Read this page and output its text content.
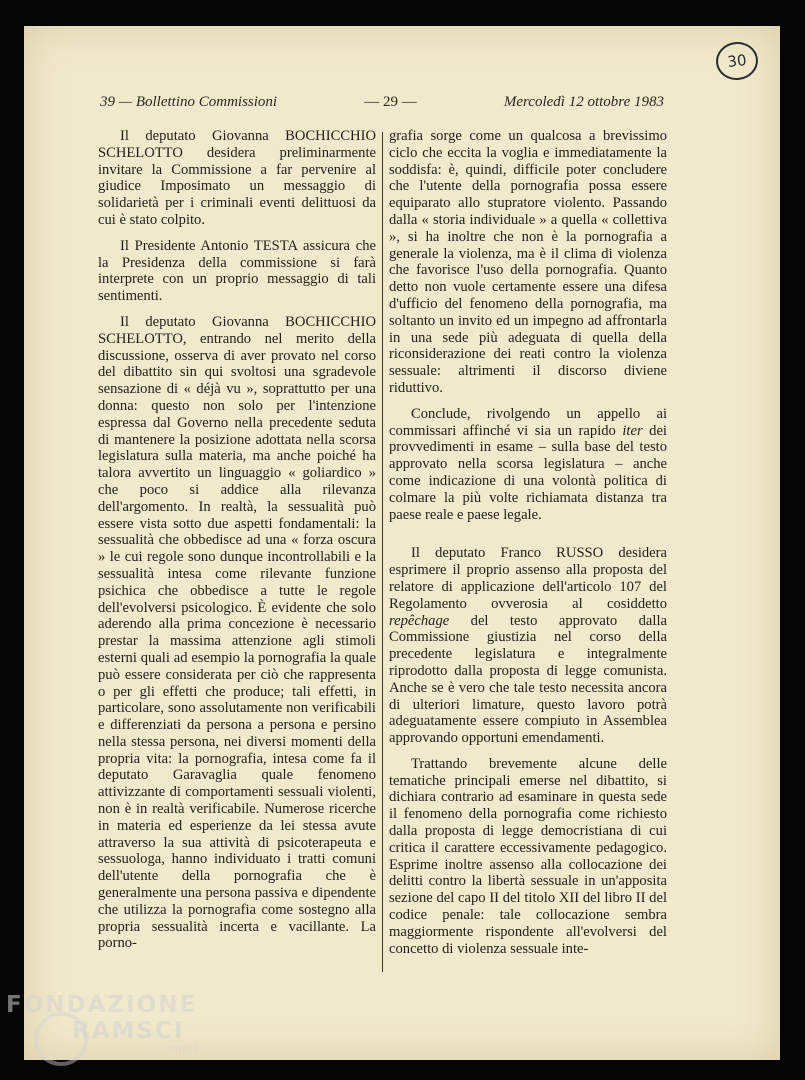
30
39 — Bollettino Commissioni	— 29 —	Mercoledì 12 ottobre 1983

Il deputato Giovanna BOCHICCHIO SCHELOTTO desidera preliminarmente invitare la Commissione a far pervenire al giudice Imposimato un messaggio di solidarietà per i criminali eventi delittuosi da cui è stato colpito.

Il Presidente Antonio TESTA assicura che la Presidenza della commissione si farà interprete con un proprio messaggio di tali sentimenti.

Il deputato Giovanna BOCHICCHIO SCHELOTTO, entrando nel merito della discussione, osserva di aver provato nel corso del dibattito sin qui svoltosi una sgradevole sensazione di « déjà vu », soprattutto per una donna: questo non solo per l'intenzione espressa dal Governo nella precedente seduta di mantenere la posizione adottata nella scorsa legislatura sulla materia, ma anche poiché ha talora avvertito un linguaggio « goliardico » che poco si addice alla rilevanza dell'argomento. In realtà, la sessualità può essere vista sotto due aspetti fondamentali: la sessualità che obbedisce ad una « forza oscura » le cui regole sono dunque incontrollabili e la sessualità intesa come rilevante funzione psichica che obbedisce a tutte le regole dell'evolversi psicologico. È evidente che solo aderendo alla prima concezione è necessario prestar la massima attenzione agli stimoli esterni quali ad esempio la pornografia la quale può essere considerata per ciò che rappresenta o per gli effetti che produce; tali effetti, in particolare, sono assolutamente non verificabili e differenziati da persona a persona e persino nella stessa persona, nei diversi momenti della propria vita: la pornografia, intesa come fa il deputato Garavaglia quale fenomeno attivizzante di comportamenti sessuali violenti, non è in realtà verificabile. Numerose ricerche in materia ed esperienze da lei stessa avute attraverso la sua attività di psicoterapeuta e sessuologa, hanno individuato i tratti comuni dell'utente della pornografia che è generalmente una persona passiva e dipendente che utilizza la pornografia come sostegno alla propria sessualità incerta e vacillante. La porno-

grafia sorge come un qualcosa a brevissimo ciclo che eccita la voglia e immediatamente la soddisfa: è, quindi, difficile poter concludere che l'utente della pornografia possa essere equiparato allo stupratore violento. Passando dalla « storia individuale » a quella « collettiva », si ha inoltre che non è la pornografia a generale la violenza, ma è il clima di violenza che favorisce l'uso della pornografia. Quanto detto non vuole certamente essere una difesa d'ufficio del fenomeno della pornografia, ma soltanto un invito ed un impegno ad affrontarla in una sede più adeguata di quella della riconsiderazione dei reati contro la violenza sessuale: altrimenti il discorso diviene riduttivo.

Conclude, rivolgendo un appello ai commissari affinché vi sia un rapido iter dei provvedimenti in esame – sulla base del testo approvato nella scorsa legislatura – anche come indicazione di una volontà politica di colmare la più volte richiamata distanza tra paese reale e paese legale.

Il deputato Franco RUSSO desidera esprimere il proprio assenso alla proposta del relatore di applicazione dell'articolo 107 del Regolamento ovverosia al cosiddetto repêchage del testo approvato dalla Commissione giustizia nel corso della precedente legislatura e integralmente riprodotto dalla proposta di legge comunista. Anche se è vero che tale testo necessita ancora di ulteriori limature, questo lavoro potrà adeguatamente essere compiuto in Assemblea approvando opportuni emendamenti.

Trattando brevemente alcune delle tematiche principali emerse nel dibattito, si dichiara contrario ad esaminare in questa sede il fenomeno della pornografia come richiesto dalla proposta di legge democristiana di cui critica il carattere eccessivamente pedagogico. Esprime inoltre assenso alla collocazione dei delitti contro la libertà sessuale in un'apposita sezione del capo II del titolo XII del libro II del codice penale: tale collocazione sembra maggiormente rispondente all'evolversi del concetto di violenza sessuale inte-

FONDAZIONE
RAMSCI
onlus
